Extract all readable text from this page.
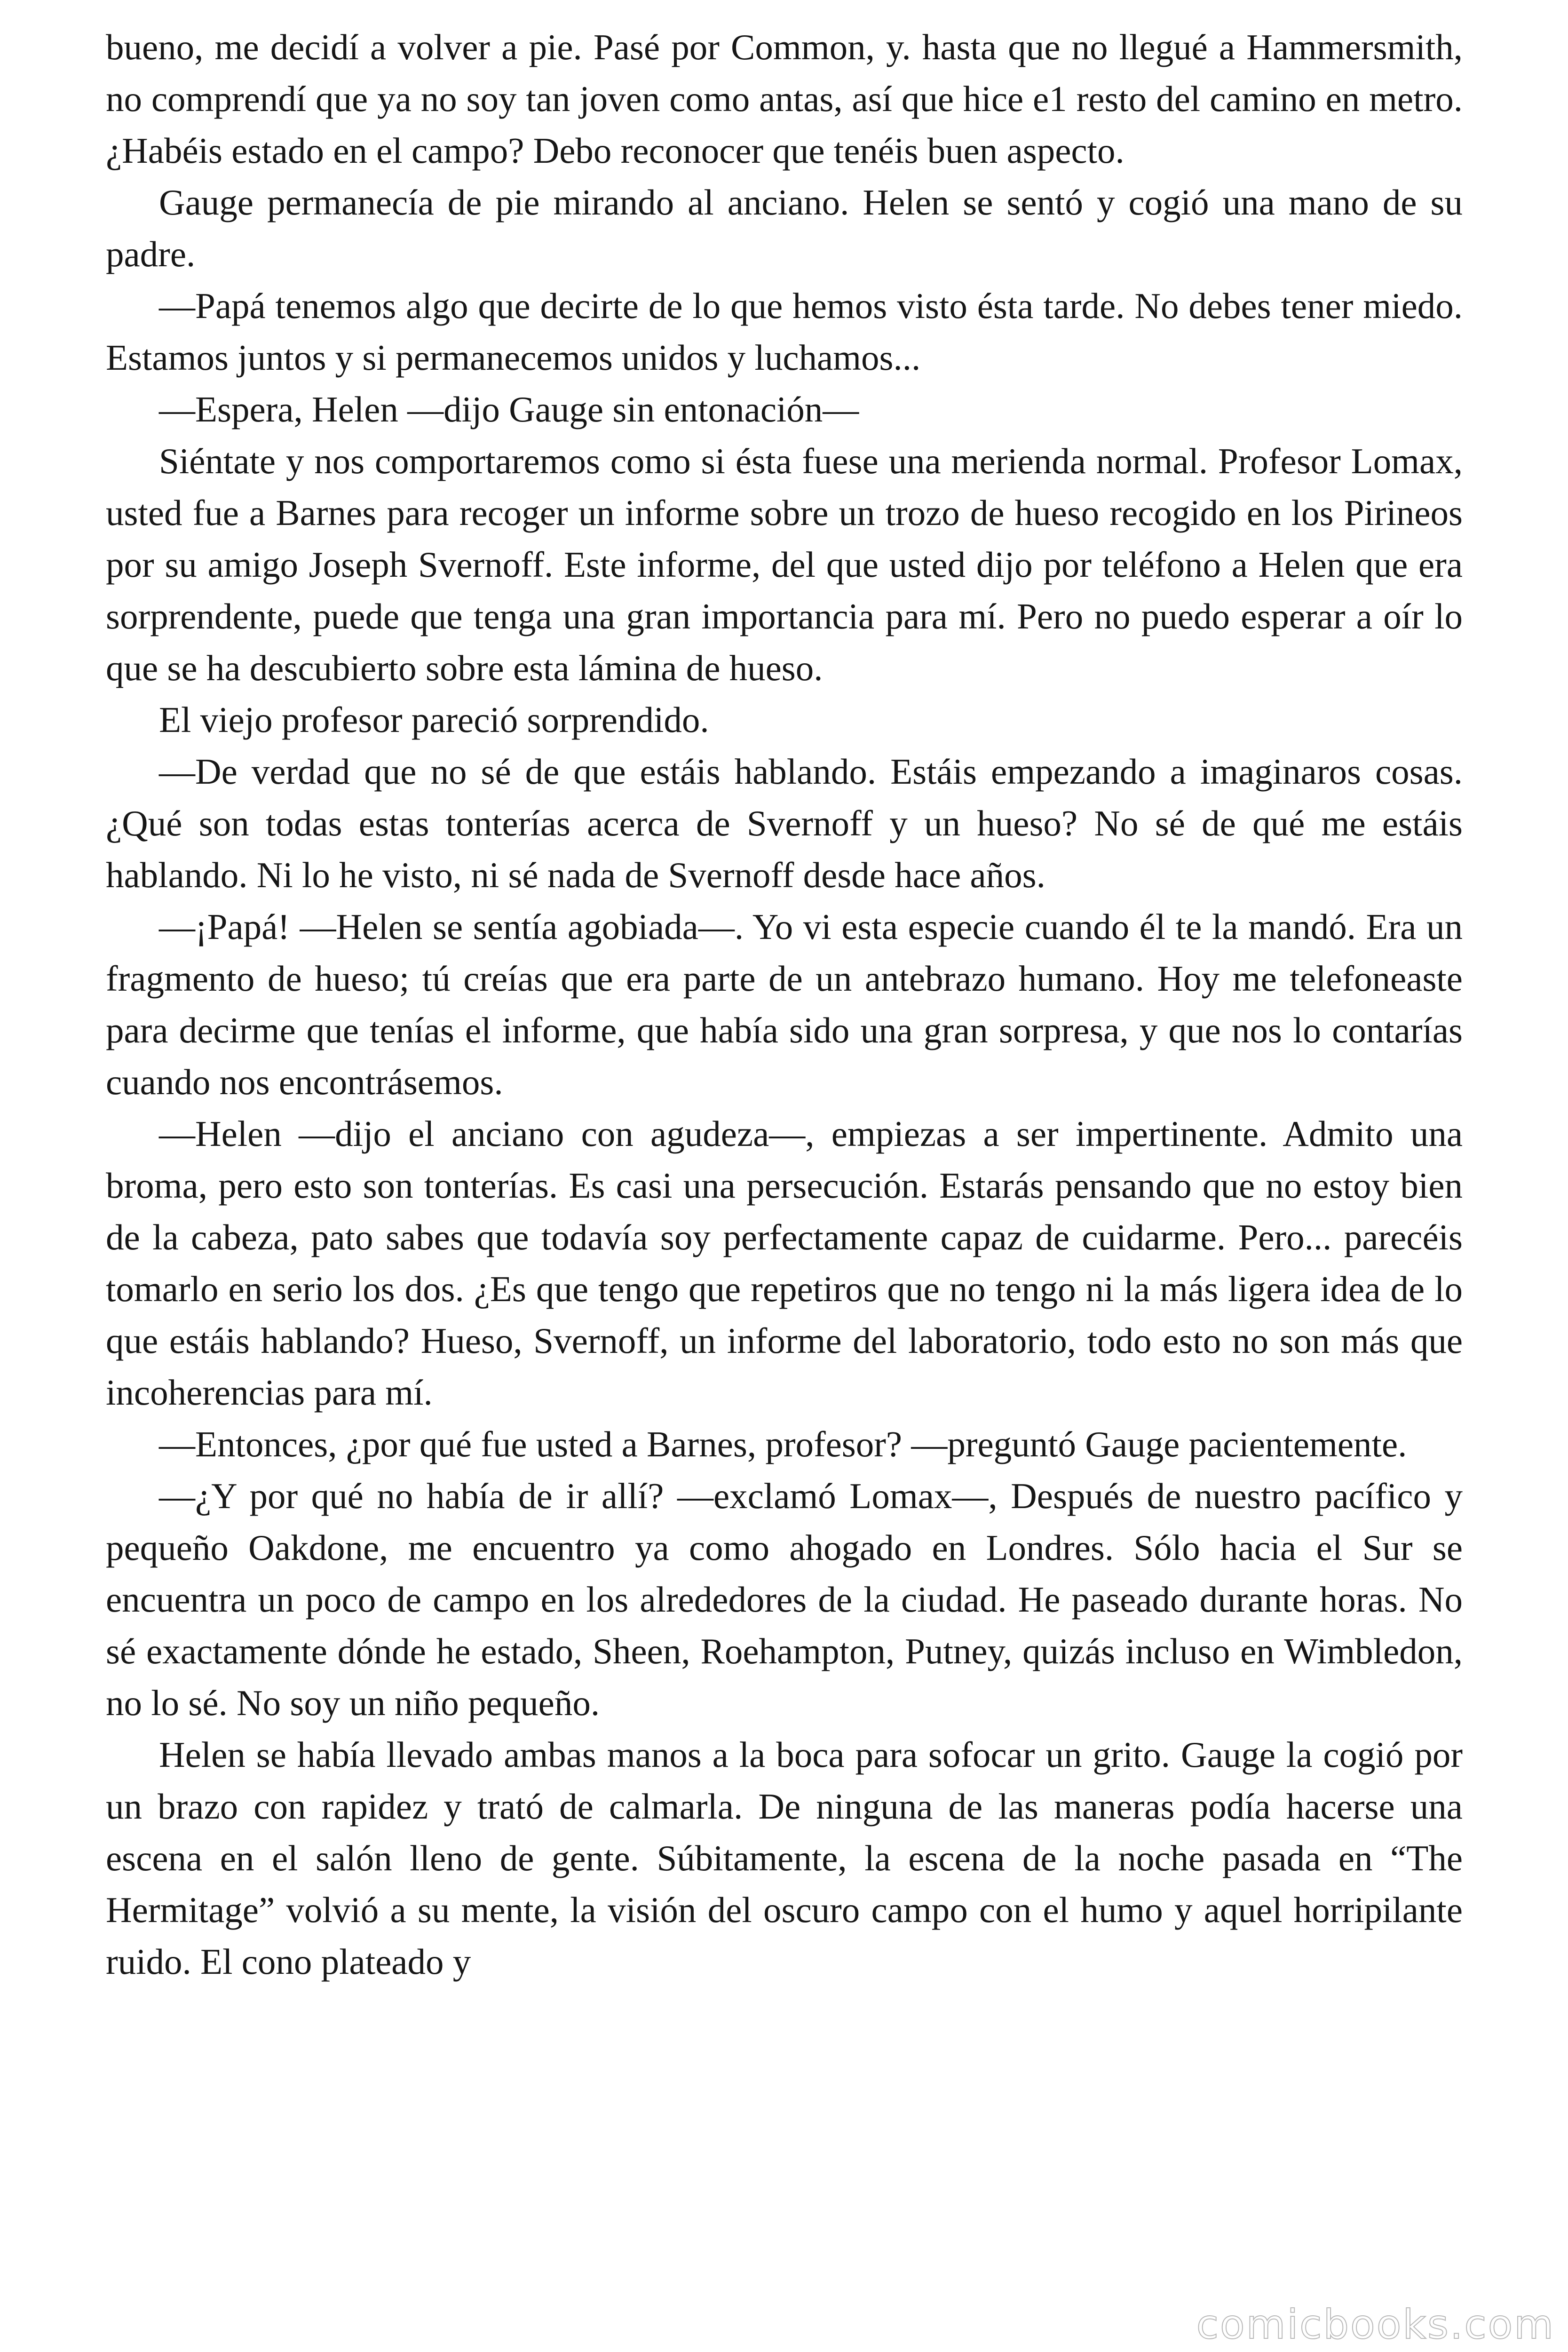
bueno, me decidí a volver a pie. Pasé por Common, y. hasta que no llegué a Hammersmith, no comprendí que ya no soy tan joven como antas, así que hice e1 resto del camino en metro. ¿Habéis estado en el campo? Debo reconocer que tenéis buen aspecto.

Gauge permanecía de pie mirando al anciano. Helen se sentó y cogió una mano de su padre.

—Papá tenemos algo que decirte de lo que hemos visto ésta tarde. No debes tener miedo. Estamos juntos y si permanecemos unidos y luchamos...

—Espera, Helen —dijo Gauge sin entonación—

Siéntate y nos comportaremos como si ésta fuese una merienda normal. Profesor Lomax, usted fue a Barnes para recoger un informe sobre un trozo de hueso recogido en los Pirineos por su amigo Joseph Svernoff. Este informe, del que usted dijo por teléfono a Helen que era sorprendente, puede que tenga una gran importancia para mí. Pero no puedo esperar a oír lo que se ha descubierto sobre esta lámina de hueso.

El viejo profesor pareció sorprendido.

—De verdad que no sé de que estáis hablando. Estáis empezando a imaginaros cosas. ¿Qué son todas estas tonterías acerca de Svernoff y un hueso? No sé de qué me estáis hablando. Ni lo he visto, ni sé nada de Svernoff desde hace años.

—¡Papá! —Helen se sentía agobiada—. Yo vi esta especie cuando él te la mandó. Era un fragmento de hueso; tú creías que era parte de un antebrazo humano. Hoy me telefoneaste para decirme que tenías el informe, que había sido una gran sorpresa, y que nos lo contarías cuando nos encontrásemos.

—Helen —dijo el anciano con agudeza—, empiezas a ser impertinente. Admito una broma, pero esto son tonterías. Es casi una persecución. Estarás pensando que no estoy bien de la cabeza, pato sabes que todavía soy perfectamente capaz de cuidarme. Pero... parecéis tomarlo en serio los dos. ¿Es que tengo que repetiros que no tengo ni la más ligera idea de lo que estáis hablando? Hueso, Svernoff, un informe del laboratorio, todo esto no son más que incoherencias para mí.

—Entonces, ¿por qué fue usted a Barnes, profesor? —preguntó Gauge pacientemente.

—¿Y por qué no había de ir allí? —exclamó Lomax—, Después de nuestro pacífico y pequeño Oakdone, me encuentro ya como ahogado en Londres. Sólo hacia el Sur se encuentra un poco de campo en los alrededores de la ciudad. He paseado durante horas. No sé exactamente dónde he estado, Sheen, Roehampton, Putney, quizás incluso en Wimbledon, no lo sé. No soy un niño pequeño.

Helen se había llevado ambas manos a la boca para sofocar un grito. Gauge la cogió por un brazo con rapidez y trató de calmarla. De ninguna de las maneras podía hacerse una escena en el salón lleno de gente. Súbitamente, la escena de la noche pasada en “The Hermitage” volvió a su mente, la visión del oscuro campo con el humo y aquel horripilante ruido. El cono plateado y

comicbooks.com
